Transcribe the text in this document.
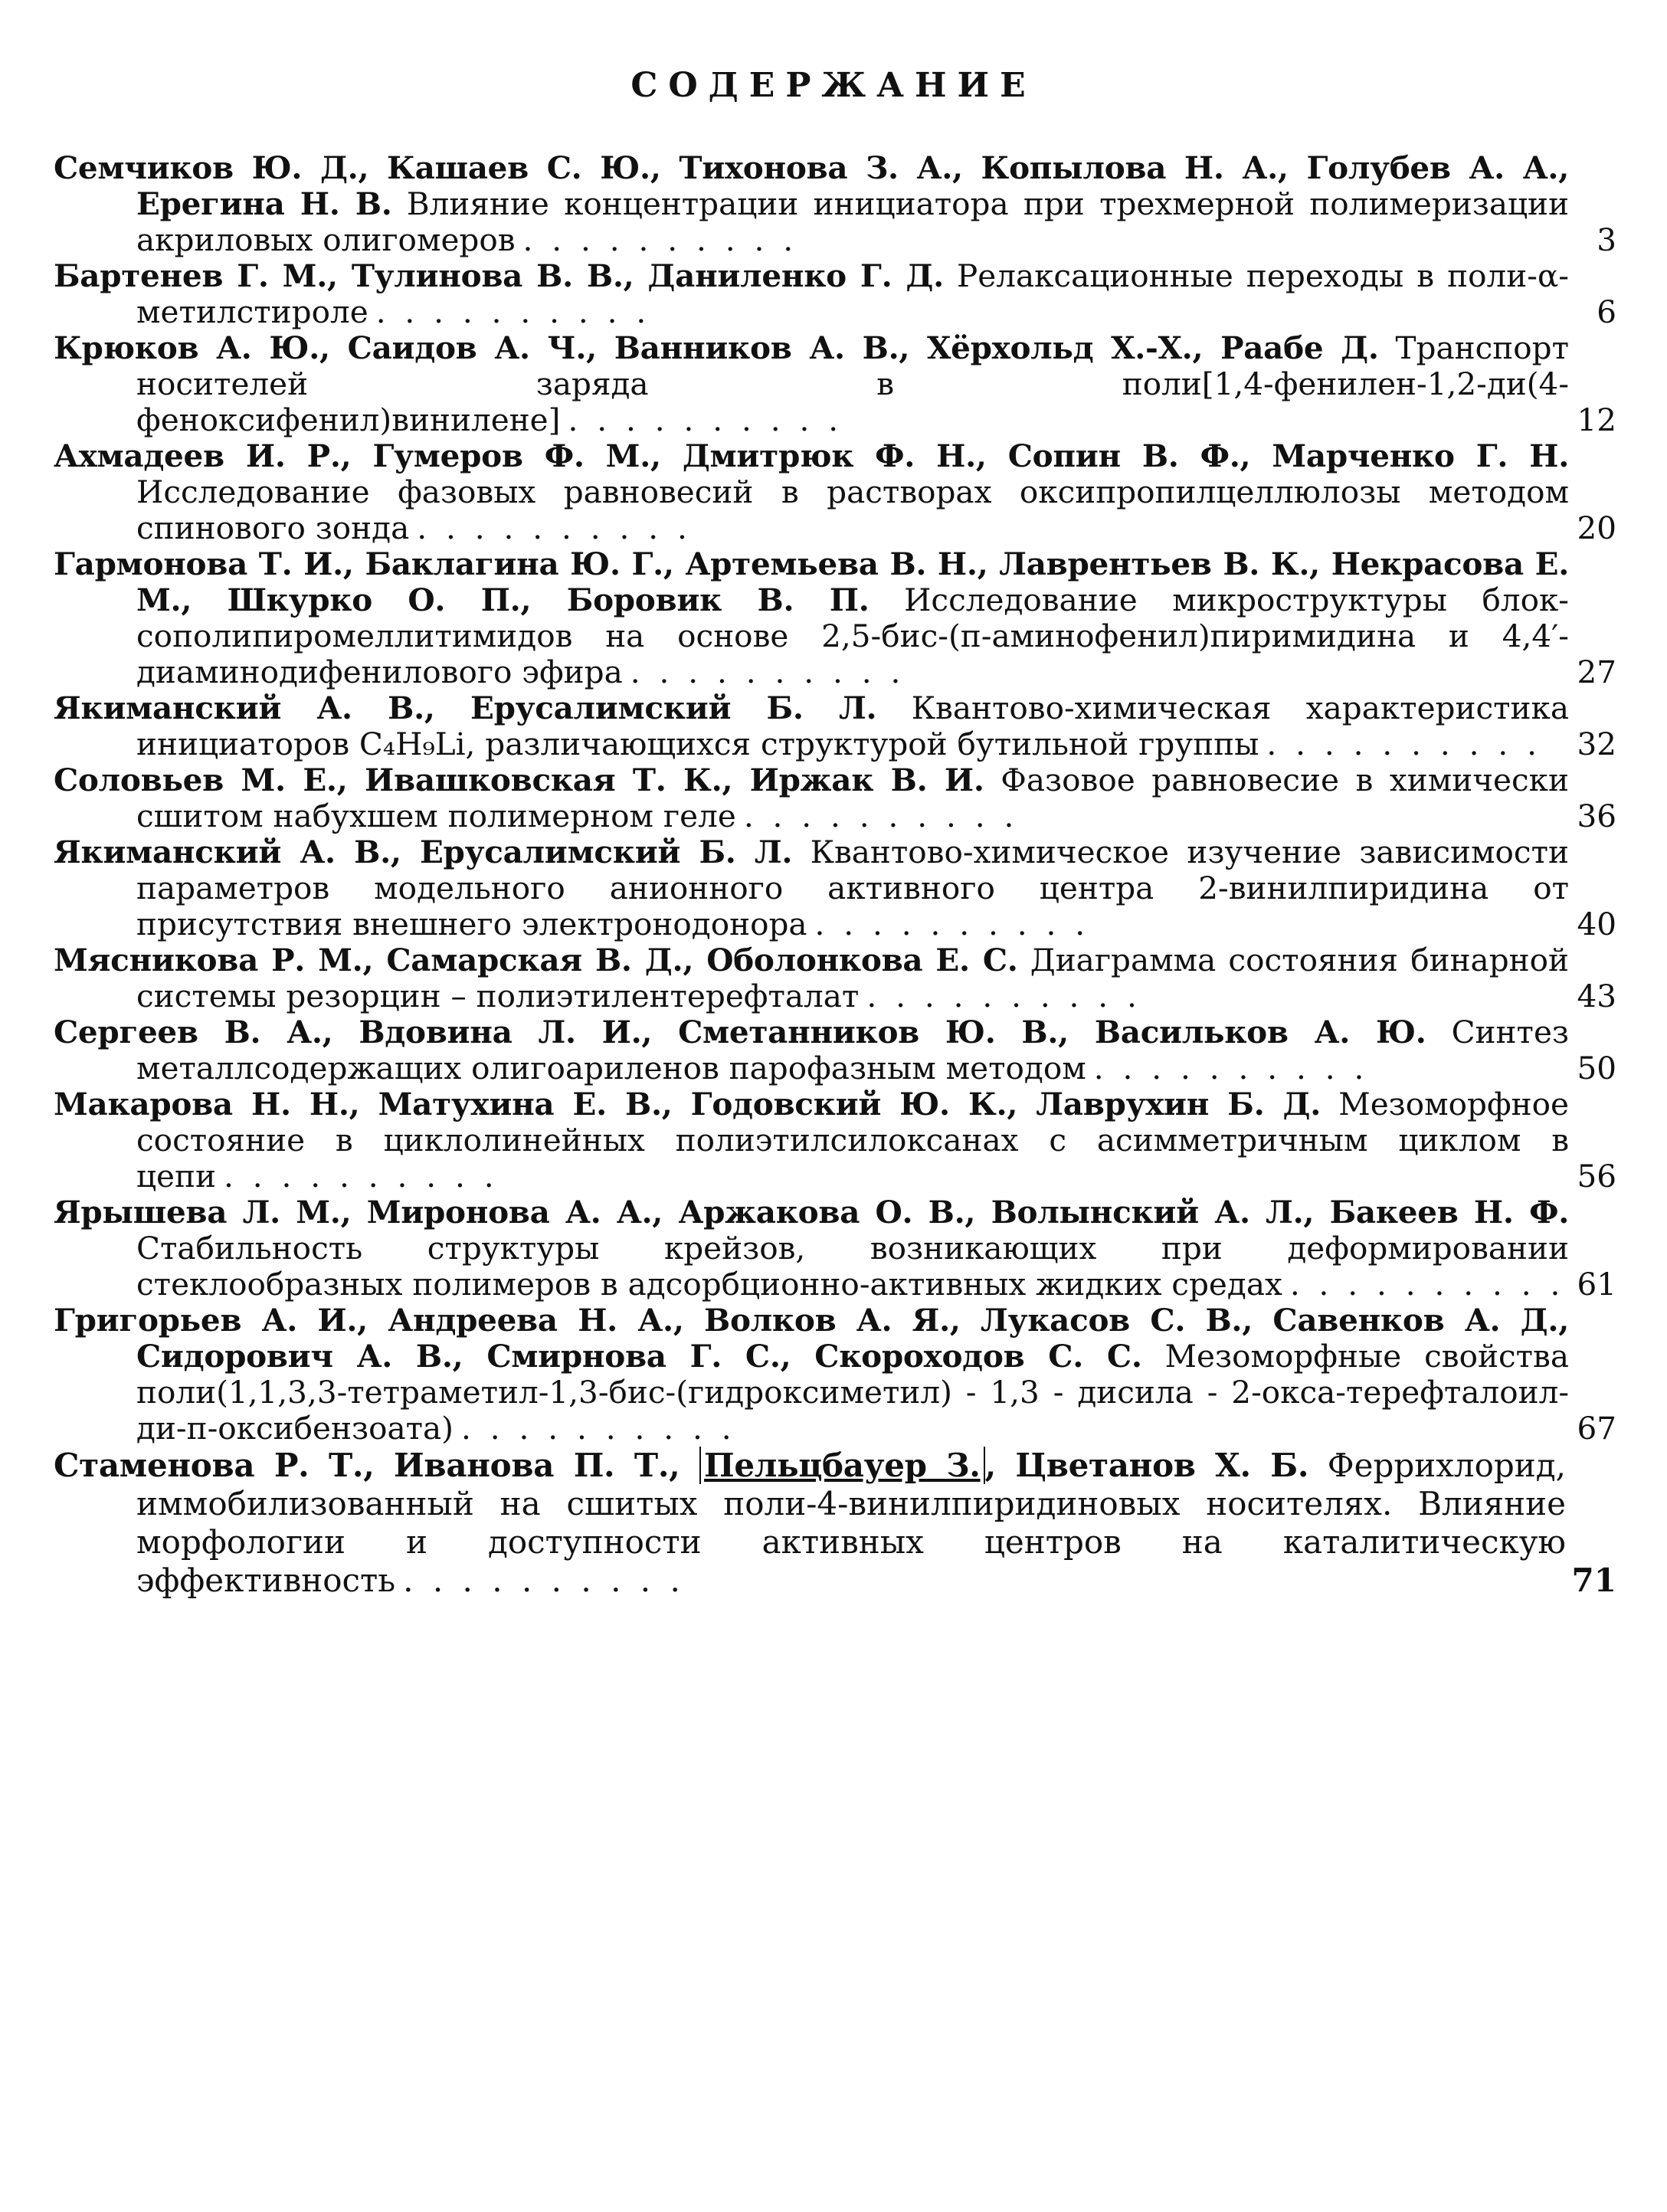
СОДЕРЖАНИЕ
Семчиков Ю. Д., Кашаев С. Ю., Тихонова З. А., Копылова Н. А., Голубев А. А., Ерегина Н. В. Влияние концентрации инициатора при трехмерной полимеризации акриловых олигомеров . . . . . . . . . .	3
Бартенев Г. М., Тулинова В. В., Даниленко Г. Д. Релаксационные переходы в поли-α-метилстироле . . . . . . . . . .	6
Крюков А. Ю., Саидов А. Ч., Ванников А. В., Хёрхольд Х.-Х., Раабе Д. Транспорт носителей заряда в поли[1,4-фенилен-1,2-ди(4-феноксифенил)винилене] . . . . . . . . . .	12
Ахмадеев И. Р., Гумеров Ф. М., Дмитрюк Ф. Н., Сопин В. Ф., Марченко Г. Н. Исследование фазовых равновесий в растворах оксипропилцеллюлозы методом спинового зонда . . . . . . . . . .	20
Гармонова Т. И., Баклагина Ю. Г., Артемьева В. Н., Лаврентьев В. К., Некрасова Е. М., Шкурко О. П., Боровик В. П. Исследование микроструктуры блок-сополипиромеллитимидов на основе 2,5-бис-(п-аминофенил)пиримидина и 4,4′-диаминодифенилового эфира . . . . . . . . . .	27
Якиманский А. В., Ерусалимский Б. Л. Квантово-химическая характеристика инициаторов C₄H₉Li, различающихся структурой бутильной группы . . . . . . . . . .	32
Соловьев М. Е., Ивашковская Т. К., Иржак В. И. Фазовое равновесие в химически сшитом набухшем полимерном геле . . . . . . . . . .	36
Якиманский А. В., Ерусалимский Б. Л. Квантово-химическое изучение зависимости параметров модельного анионного активного центра 2-винилпиридина от присутствия внешнего электронодонора . . . . . . . . . .	40
Мясникова Р. М., Самарская В. Д., Оболонкова Е. С. Диаграмма состояния бинарной системы резорцин – полиэтилентерефталат . . . . . . . . . .	43
Сергеев В. А., Вдовина Л. И., Сметанников Ю. В., Васильков А. Ю. Синтез металлсодержащих олигоариленов парофазным методом . . . . . . . . . .	50
Макарова Н. Н., Матухина Е. В., Годовский Ю. К., Лаврухин Б. Д. Мезоморфное состояние в циклолинейных полиэтилсилоксанах с асимметричным циклом в цепи . . . . . . . . . .	56
Ярышева Л. М., Миронова А. А., Аржакова О. В., Волынский А. Л., Бакеев Н. Ф. Стабильность структуры крейзов, возникающих при деформировании стеклообразных полимеров в адсорбционно-активных жидких средах . . . . . . . . . . 61
Григорьев А. И., Андреева Н. А., Волков А. Я., Лукасов С. В., Савенков А. Д., Сидорович А. В., Смирнова Г. С., Скороходов С. С. Мезоморфные свойства поли(1,1,3,3-тетраметил-1,3-бис-(гидроксиметил) - 1,3 - дисила - 2-окса-терефталоил-ди-п-оксибензоата) . . . . . . . . . .	67
Стаменова Р. Т., Иванова П. Т., Пельцбауер З. , Цветанов Х. Б. Феррихлорид, иммобилизованный на сшитых поли-4-винилпиридиновых носителях. Влияние морфологии и доступности активных центров на каталитическую эффективность . . . . . . . . . .	71
